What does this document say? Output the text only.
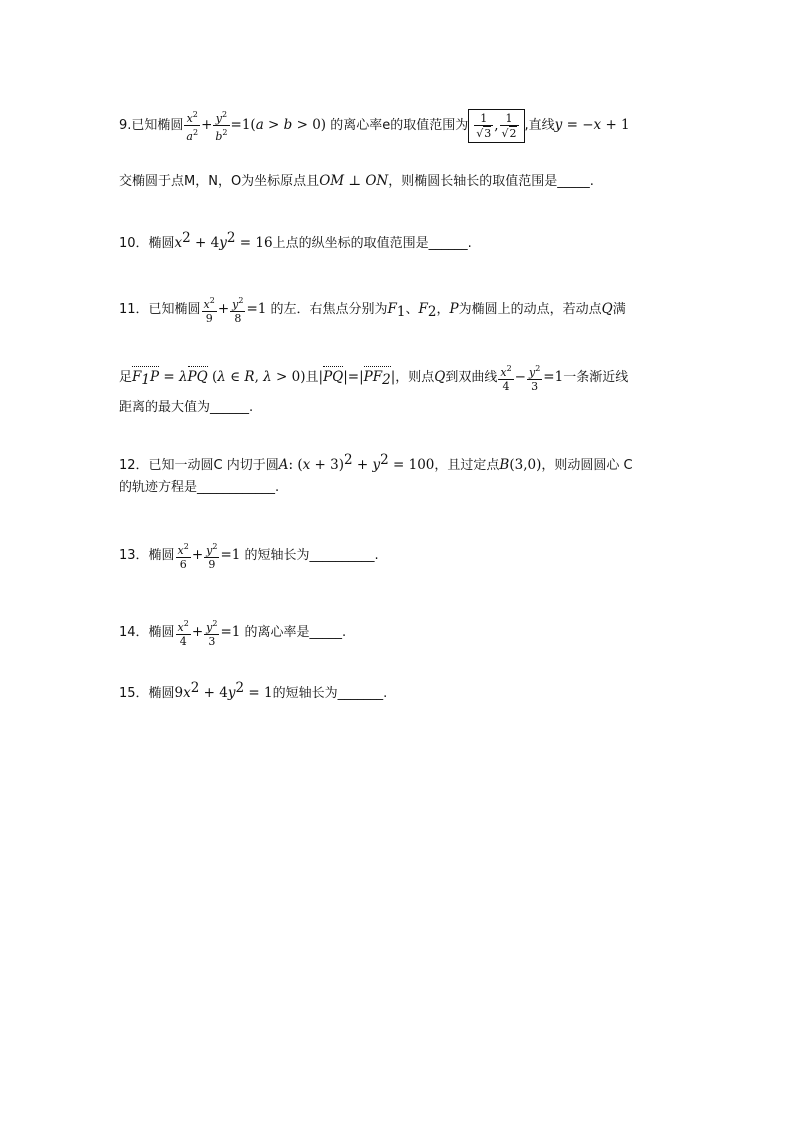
9.已知椭圆 $\frac{x^2}{a^2} + \frac{y^2}{b^2} =1(a > b > 0)$ 的离心率e的取值范围为 $\frac{1}{√3}$ , $\frac{1}{√2}$ ,直线y = −x + 1
交椭圆于点M，N，O为坐标原点且OM ⊥ ON，则椭圆长轴长的取值范围是_____.
10．椭圆$x^2 + 4y^2 = 16$上点的纵坐标的取值范围是______.
11．已知椭圆 $\frac{x^2}{9} + \frac{y^2}{8} =1$ 的左．右焦点分别为$F_1$、$F_2$，P为椭圆上的动点，若动点Q满
足$F_1P = \lambda PQ$ (λ ∈ R, λ > 0)且$|PQ|=|PF_2|$，则点Q到双曲线 $\frac{x^2}{4} - \frac{y^2}{3} =1$一条渐近线
距离的最大值为______.
12．已知一动圆C 内切于圆A: $(x + 3)^2 + y^2 = 100$，且过定点B(3,0)，则动圆圆心 C
的轨迹方程是____________.
13．椭圆 $\frac{x^2}{6} + \frac{y^2}{9} =1$ 的短轴长为__________.
14．椭圆 $\frac{x^2}{4} + \frac{y^2}{3} =1$ 的离心率是_____.
15．椭圆$9x^2 + 4y^2 = 1$的短轴长为_______.
